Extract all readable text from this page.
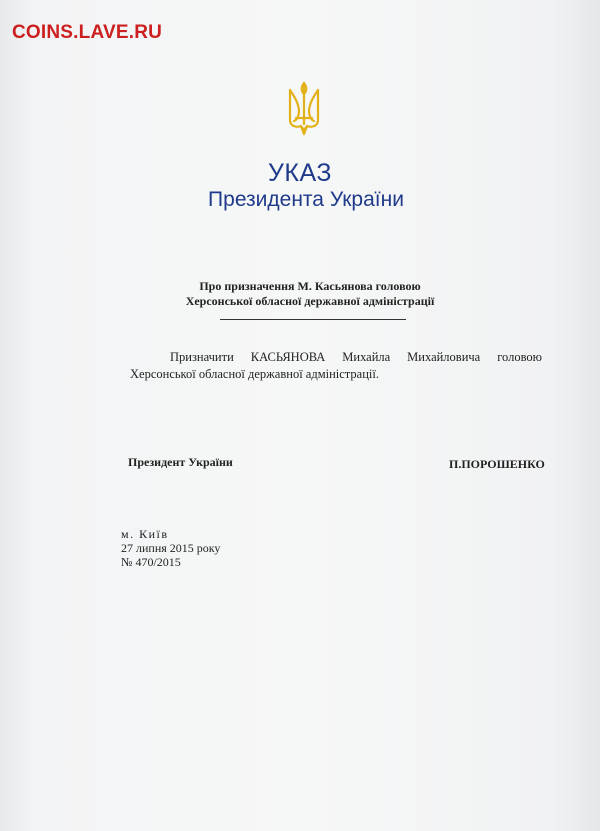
COINS.LAVE.RU
УКАЗ
Президента України
Про призначення М. Касьянова головою
Херсонської обласної державної адміністрації
Призначити КАСЬЯНОВА Михайла Михайловича головою Херсонської обласної державної адміністрації.
Президент України	П.ПОРОШЕНКО
м. Київ
27 липня 2015 року
№ 470/2015
